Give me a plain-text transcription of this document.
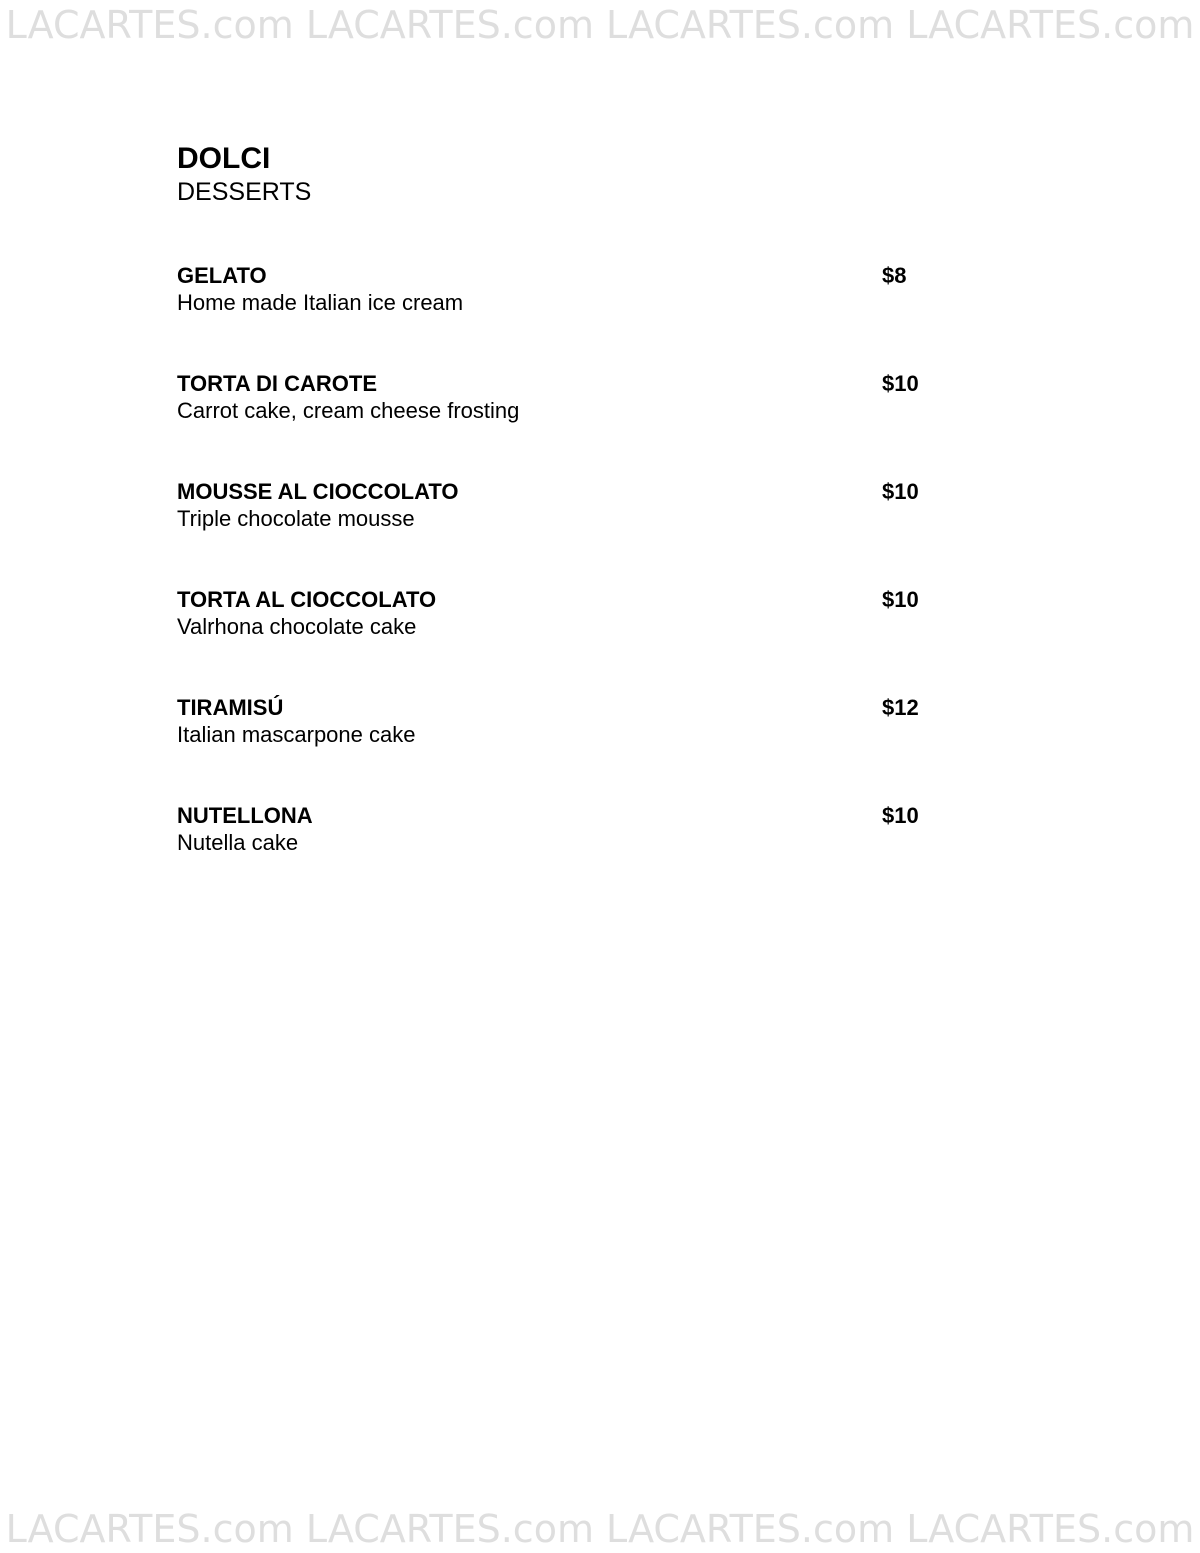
LACARTES.com LACARTES.com LACARTES.com LACARTES.com
DOLCI
DESSERTS
GELATO
Home made Italian ice cream
$8
TORTA DI CAROTE
Carrot cake, cream cheese frosting
$10
MOUSSE AL CIOCCOLATO
Triple chocolate mousse
$10
TORTA AL CIOCCOLATO
Valrhona chocolate cake
$10
TIRAMISÚ
Italian mascarpone cake
$12
NUTELLONA
Nutella cake
$10
LACARTES.com LACARTES.com LACARTES.com LACARTES.com
